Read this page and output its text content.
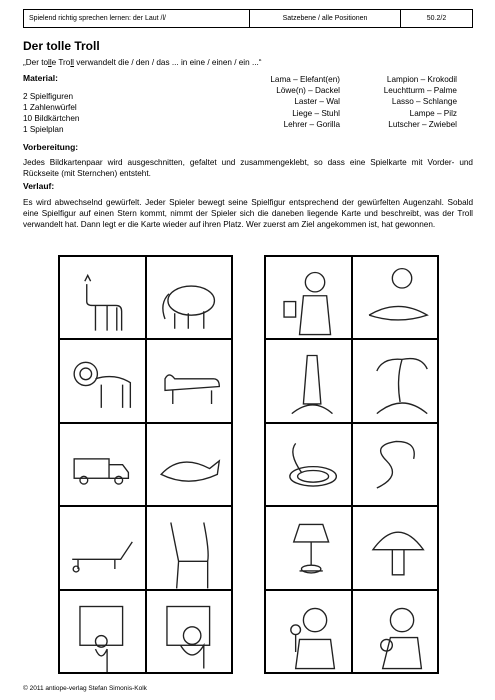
Spielend richtig sprechen lernen: der Laut /l/	Satzebene / alle Positionen	50.2/2
Der tolle Troll
„Der tolle Troll verwandelt die / den / das ... in eine / einen / ein ...“
Material:
2 Spielfiguren
1 Zahlenwürfel
10 Bildkärtchen
1 Spielplan
Lama – Elefant(en)
Löwe(n) – Dackel
Laster – Wal
Liege – Stuhl
Lehrer – Gorilla
Lampion – Krokodil
Leuchtturm – Palme
Lasso – Schlange
Lampe – Pilz
Lutscher – Zwiebel
Vorbereitung:
Jedes Bildkartenpaar wird ausgeschnitten, gefaltet und zusammengeklebt, so dass eine Spielkarte mit Vorder- und Rückseite (mit Sternchen) entsteht.
Verlauf:
Es wird abwechselnd gewürfelt. Jeder Spieler bewegt seine Spielfigur entsprechend der gewürfelten Augenzahl. Sobald eine Spielfigur auf einen Stern kommt, nimmt der Spieler sich die daneben liegende Karte und beschreibt, was der Troll verwandelt hat. Dann legt er die Karte wieder auf ihren Platz. Wer zuerst am Ziel angekommen ist, hat gewonnen.
© 2011 antiope-verlag Stefan Simonis-Kolk
